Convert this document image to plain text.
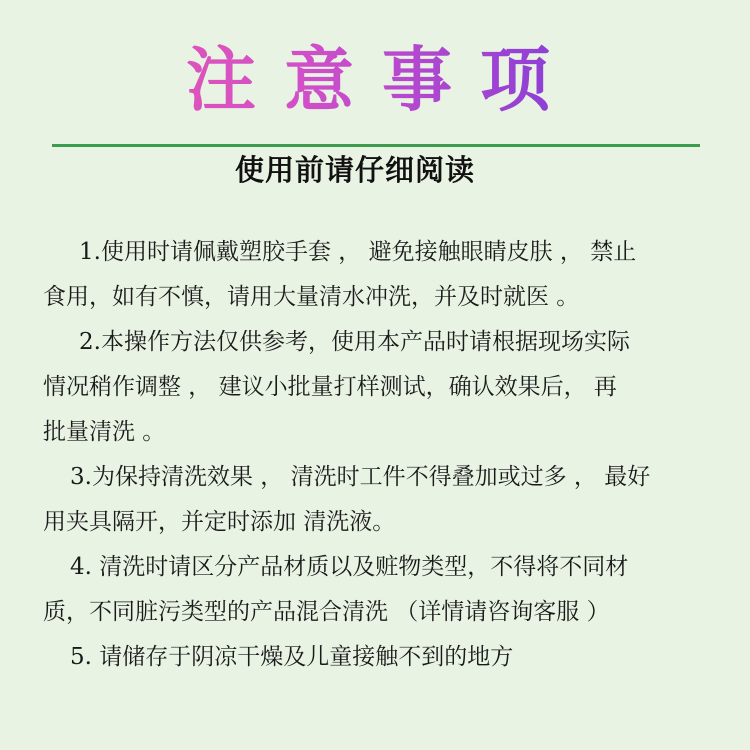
注意事项
使用前请仔细阅读
1.使用时请佩戴塑胶手套 ， 避免接触眼睛皮肤 ， 禁止
食用，如有不慎，请用大量清水冲洗，并及时就医 。
2.本操作方法仅供参考，使用本产品时请根据现场实际
情况稍作调整 ， 建议小批量打样测试，确认效果后， 再
批量清洗 。
3.为保持清洗效果 ， 清洗时工件不得叠加或过多 ， 最好
用夹具隔开，并定时添加 清洗液。
4. 清洗时请区分产品材质以及赃物类型，不得将不同材
质，不同脏污类型的产品混合清洗 （详情请咨询客服 ）
5. 请储存于阴凉干燥及儿童接触不到的地方
